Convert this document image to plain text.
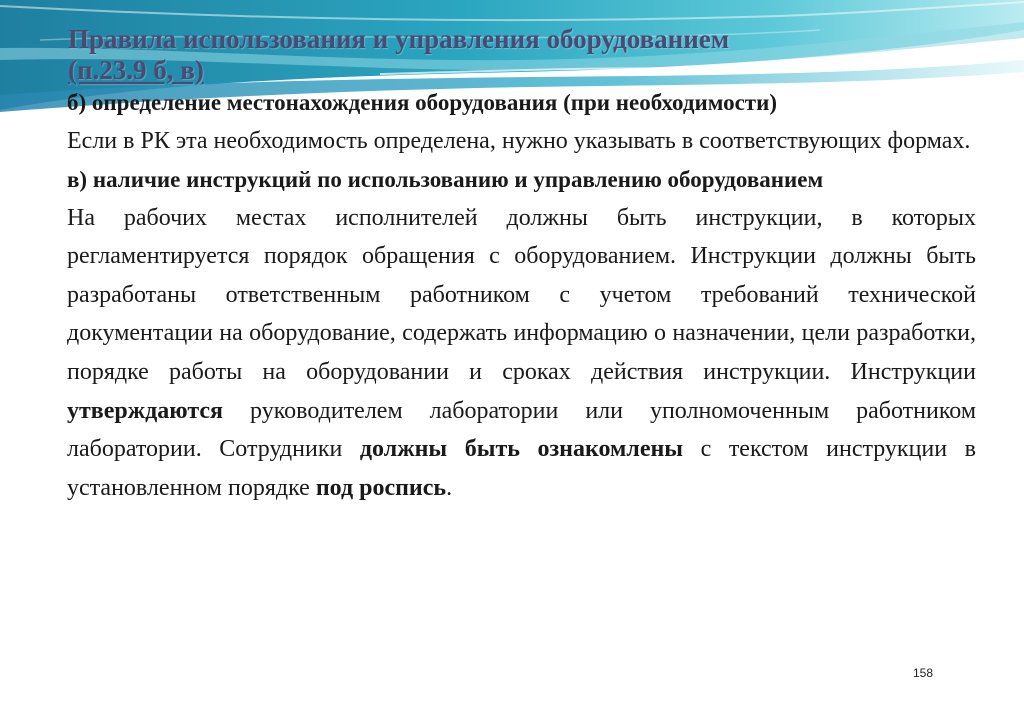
Правила использования и управления оборудованием
(п.23.9 б, в)

б) определение местонахождения оборудования (при необходимости)

Если в РК эта необходимость определена, нужно указывать в соответствующих формах.

в) наличие инструкций по использованию и управлению оборудованием

На рабочих местах исполнителей должны быть инструкции, в которых регламентируется порядок обращения с оборудованием. Инструкции должны быть разработаны ответственным работником с учетом требований технической документации на оборудование, содержать информацию о назначении, цели разработки, порядке работы на оборудовании и сроках действия инструкции. Инструкции утверждаются руководителем лаборатории или уполномоченным работником лаборатории. Сотрудники должны быть ознакомлены с текстом инструкции в установленном порядке под роспись.

158
